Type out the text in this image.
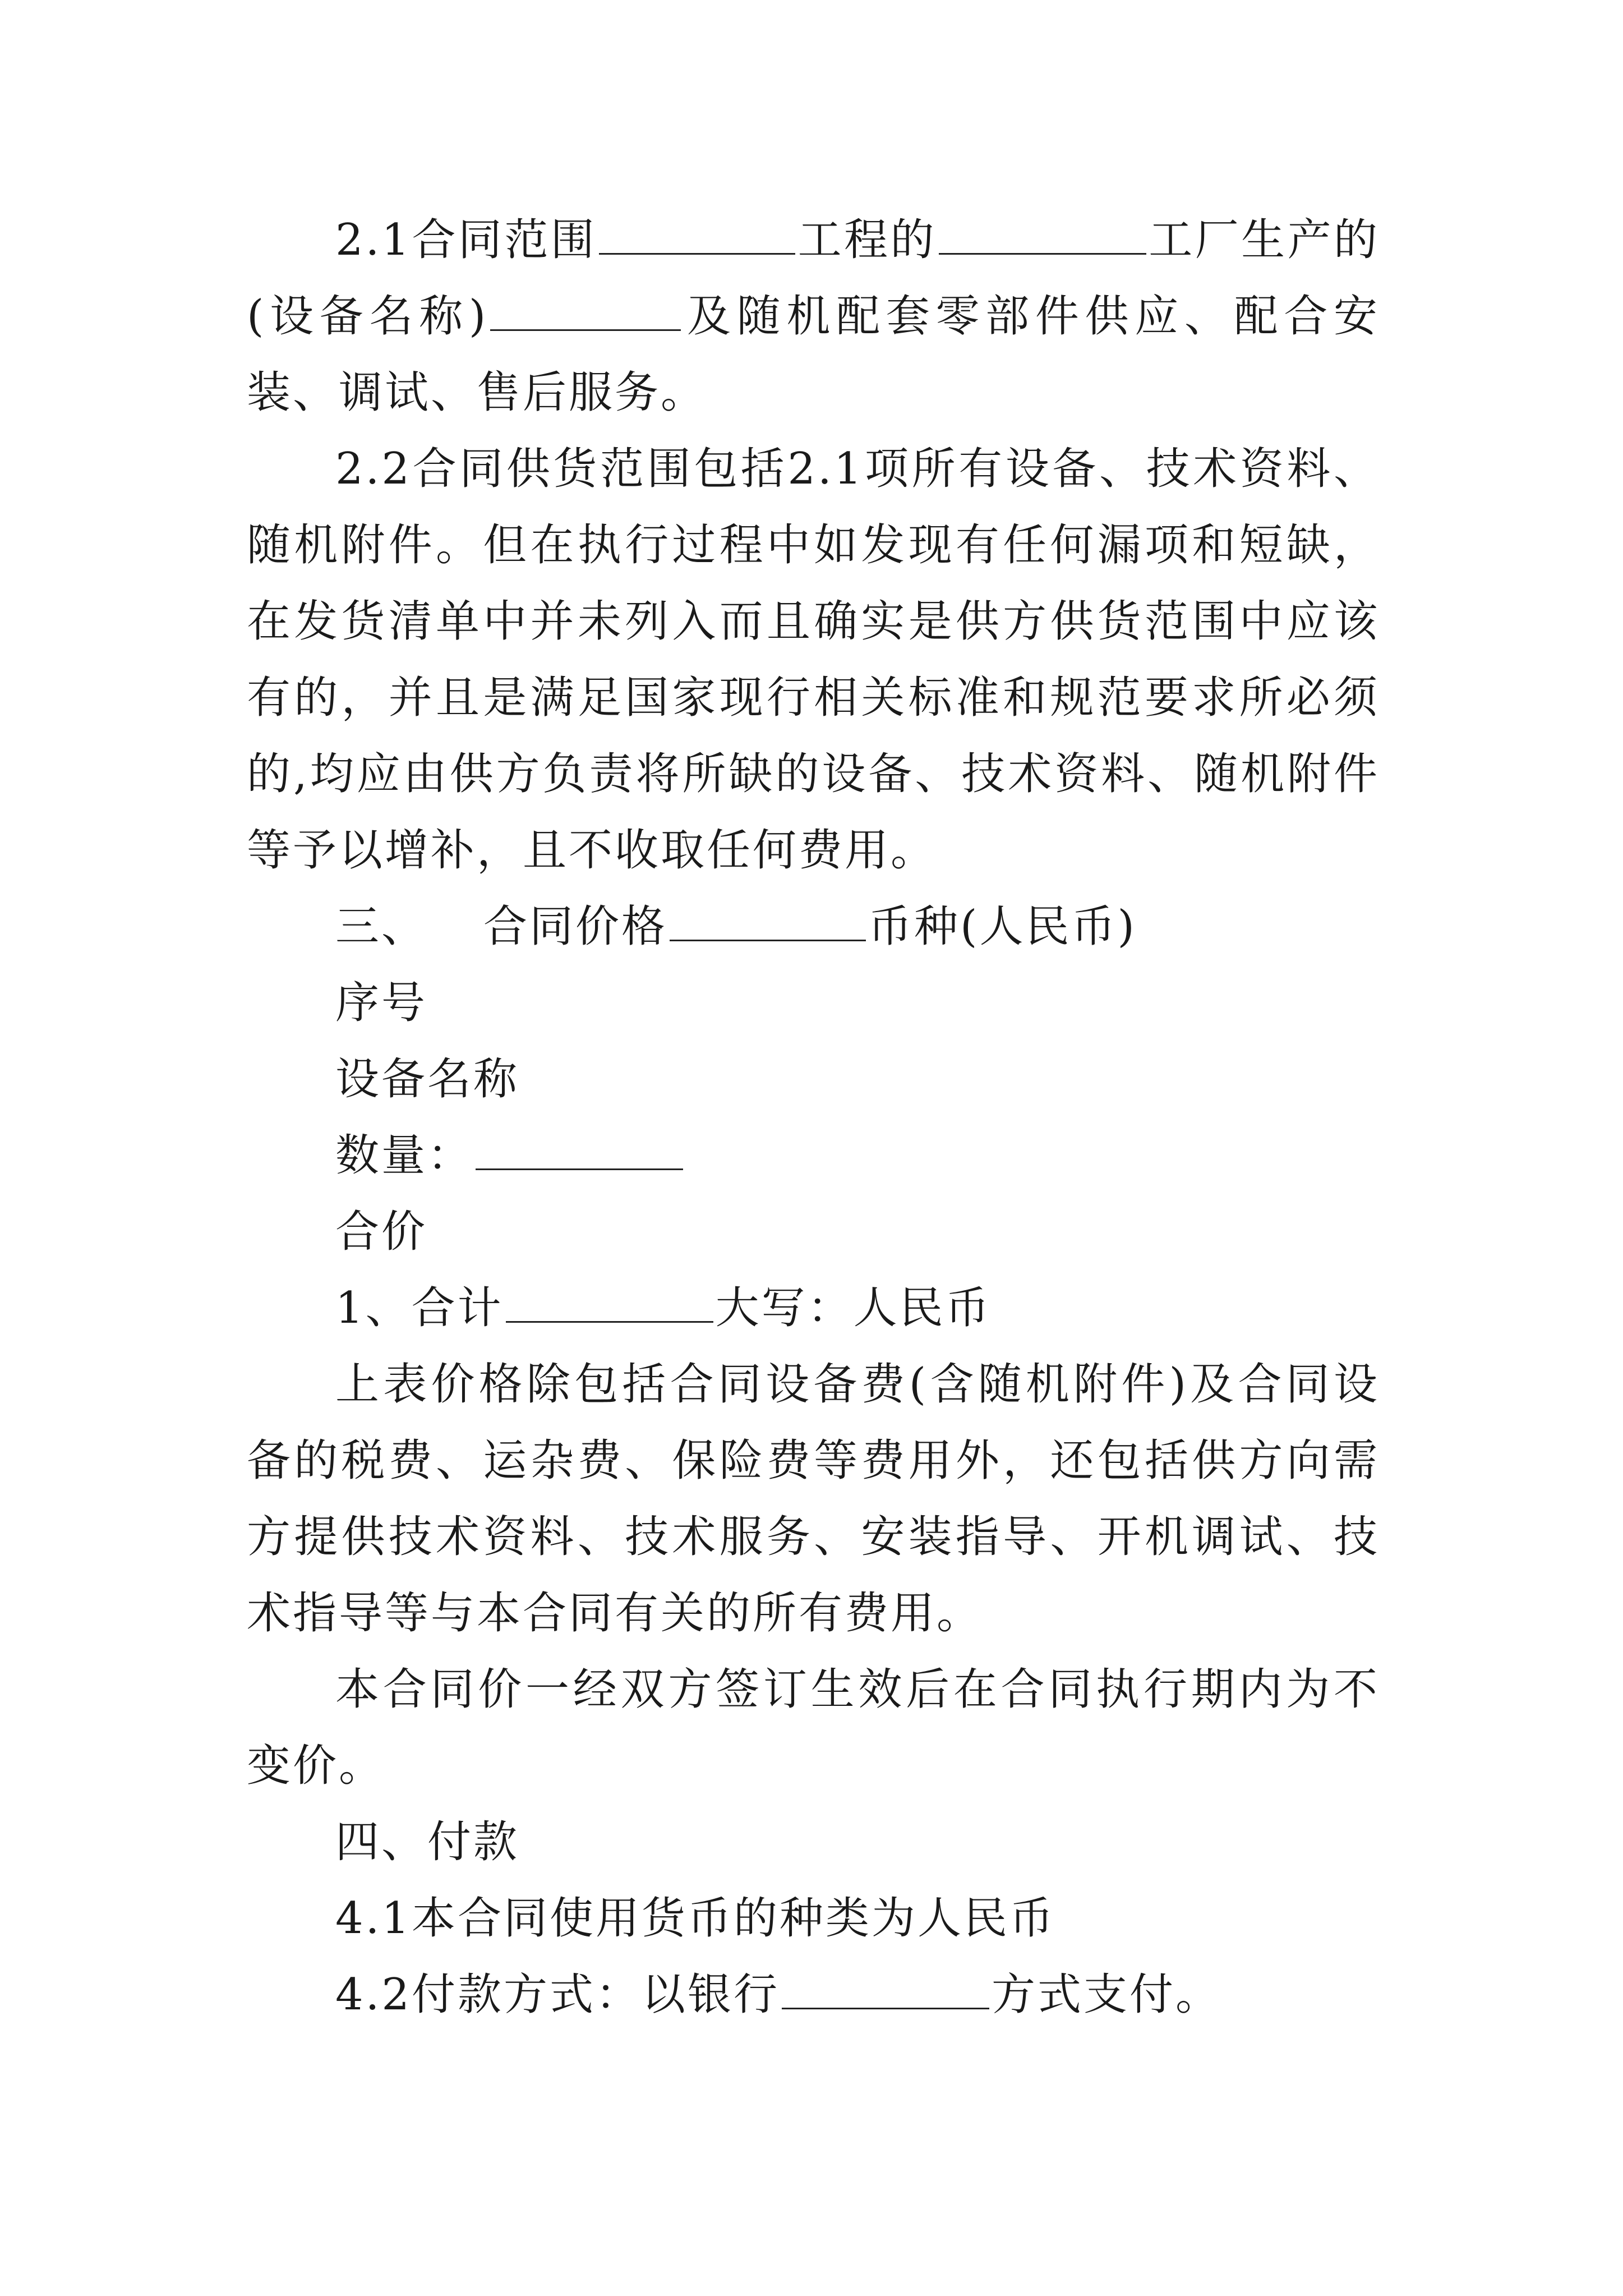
2.1合同范围	工程的	工厂生产的(设备名称)	及随机配套零部件供应、配合安装、调试、售后服务。

2.2合同供货范围包括2.1项所有设备、技术资料、随机附件。但在执行过程中如发现有任何漏项和短缺，在发货清单中并未列入而且确实是供方供货范围中应该有的，并且是满足国家现行相关标准和规范要求所必须的,均应由供方负责将所缺的设备、技术资料、随机附件等予以增补，且不收取任何费用。

三、 合同价格	币种(人民币)

序号

设备名称

数量：

合价

1、合计	大写：人民币

上表价格除包括合同设备费(含随机附件)及合同设备的税费、运杂费、保险费等费用外，还包括供方向需方提供技术资料、技术服务、安装指导、开机调试、技术指导等与本合同有关的所有费用。

本合同价一经双方签订生效后在合同执行期内为不变价。

四、付款

4.1本合同使用货币的种类为人民币

4.2付款方式：以银行	方式支付。
